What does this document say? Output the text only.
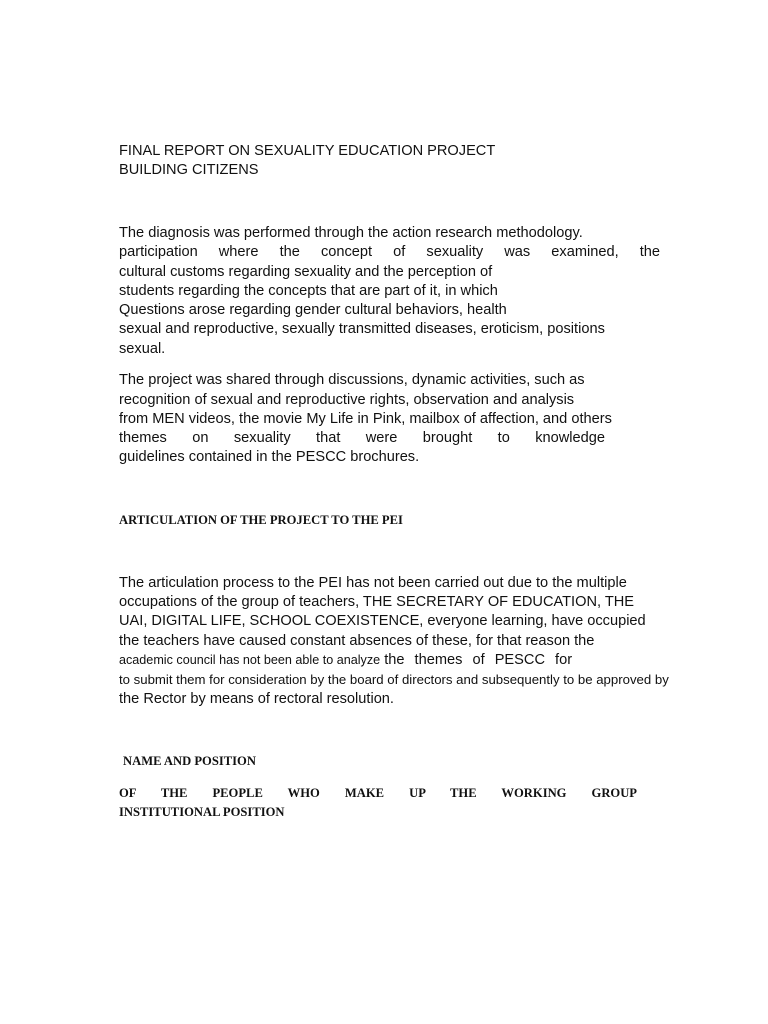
FINAL REPORT ON SEXUALITY EDUCATION PROJECT
BUILDING CITIZENS
The diagnosis was performed through the action research methodology.
participation where the concept of sexuality was examined, the
cultural customs regarding sexuality and the perception of
students regarding the concepts that are part of it, in which
Questions arose regarding gender cultural behaviors, health
sexual and reproductive, sexually transmitted diseases, eroticism, positions
sexual.
The project was shared through discussions, dynamic activities, such as
recognition of sexual and reproductive rights, observation and analysis
from MEN videos, the movie My Life in Pink, mailbox of affection, and others
themes on sexuality that were brought to knowledge
guidelines contained in the PESCC brochures.
ARTICULATION OF THE PROJECT TO THE PEI
The articulation process to the PEI has not been carried out due to the multiple
occupations of the group of teachers, THE SECRETARY OF EDUCATION, THE
UAI, DIGITAL LIFE, SCHOOL COEXISTENCE, everyone learning, have occupied
the teachers have caused constant absences of these, for that reason the
academic council has not been able to analyze the themes of PESCC for
to submit them for consideration by the board of directors and subsequently to be approved by
the Rector by means of rectoral resolution.
NAME AND POSITION
OF THE PEOPLE WHO MAKE UP THE WORKING GROUP
INSTITUTIONAL POSITION
